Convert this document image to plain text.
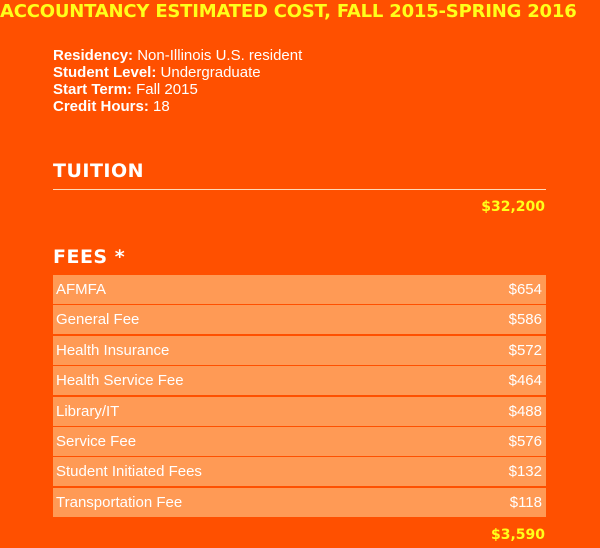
ACCOUNTANCY ESTIMATED COST, FALL 2015-SPRING 2016
Residency: Non-Illinois U.S. resident
Student Level: Undergraduate
Start Term: Fall 2015
Credit Hours: 18
TUITION
$32,200
FEES *
AFMFA	$654
General Fee	$586
Health Insurance	$572
Health Service Fee	$464
Library/IT	$488
Service Fee	$576
Student Initiated Fees	$132
Transportation Fee	$118
$3,590
